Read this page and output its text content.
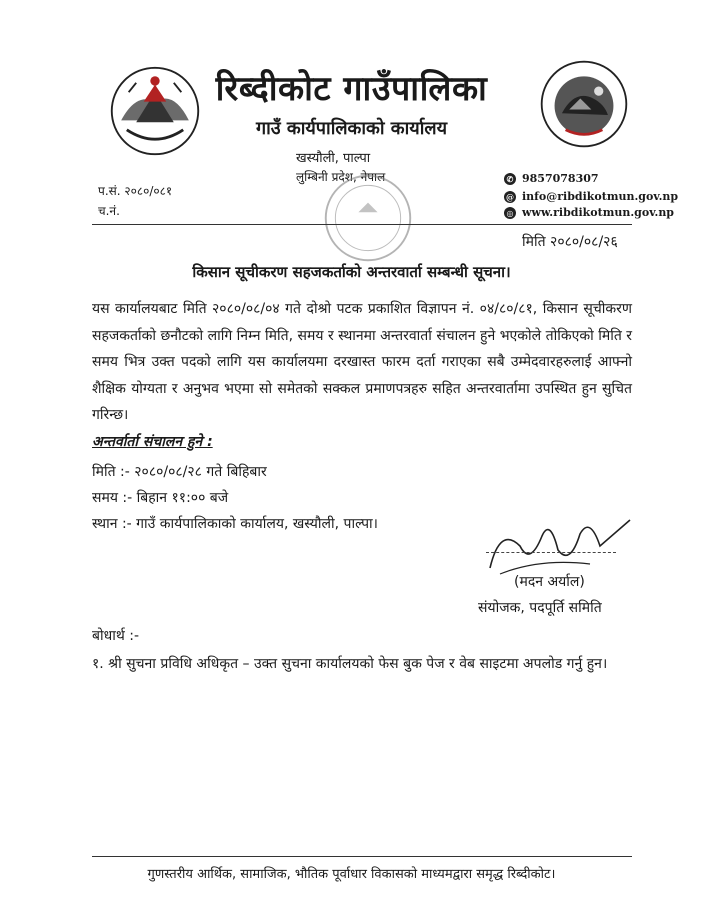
रिब्दीकोट गाउँपालिका
गाउँ कार्यपालिकाको कार्यालय
खस्यौली, पाल्पा
लुम्बिनी प्रदेश, नेपाल
प.सं. २०८०/०८१
च.नं.
✆ 9857078307
@ info@ribdikotmun.gov.np
◎ www.ribdikotmun.gov.np
मिति २०८०/०८/२६
किसान सूचीकरण सहजकर्ताको अन्तरवार्ता सम्बन्धी सूचना।
यस कार्यालयबाट मिति २०८०/०८/०४ गते दोश्रो पटक प्रकाशित विज्ञापन नं. ०४/८०/८१, किसान सूचीकरण सहजकर्ताको छनौटको लागि निम्न मिति, समय र स्थानमा अन्तरवार्ता संचालन हुने भएकोले तोकिएको मिति र समय भित्र उक्त पदको लागि यस कार्यालयमा दरखास्त फारम दर्ता गराएका सबै उम्मेदवारहरुलाई आफ्नो शैक्षिक योग्यता र अनुभव भएमा सो समेतको सक्कल प्रमाणपत्रहरु सहित अन्तरवार्तामा उपस्थित हुन सुचित गरिन्छ।
अन्तर्वार्ता संचालन हुने :
मिति :- २०८०/०८/२८ गते बिहिबार
समय :- बिहान ११:०० बजे
स्थान :- गाउँ कार्यपालिकाको कार्यालय, खस्यौली, पाल्पा।
(मदन अर्याल)
संयोजक, पदपूर्ति समिति
बोधार्थ :-
१. श्री सुचना प्रविधि अधिकृत – उक्त सुचना कार्यालयको फेस बुक पेज र वेब साइटमा अपलोड गर्नु हुन।
गुणस्तरीय आर्थिक, सामाजिक, भौतिक पूर्वाधार विकासको माध्यमद्वारा समृद्ध रिब्दीकोट।
